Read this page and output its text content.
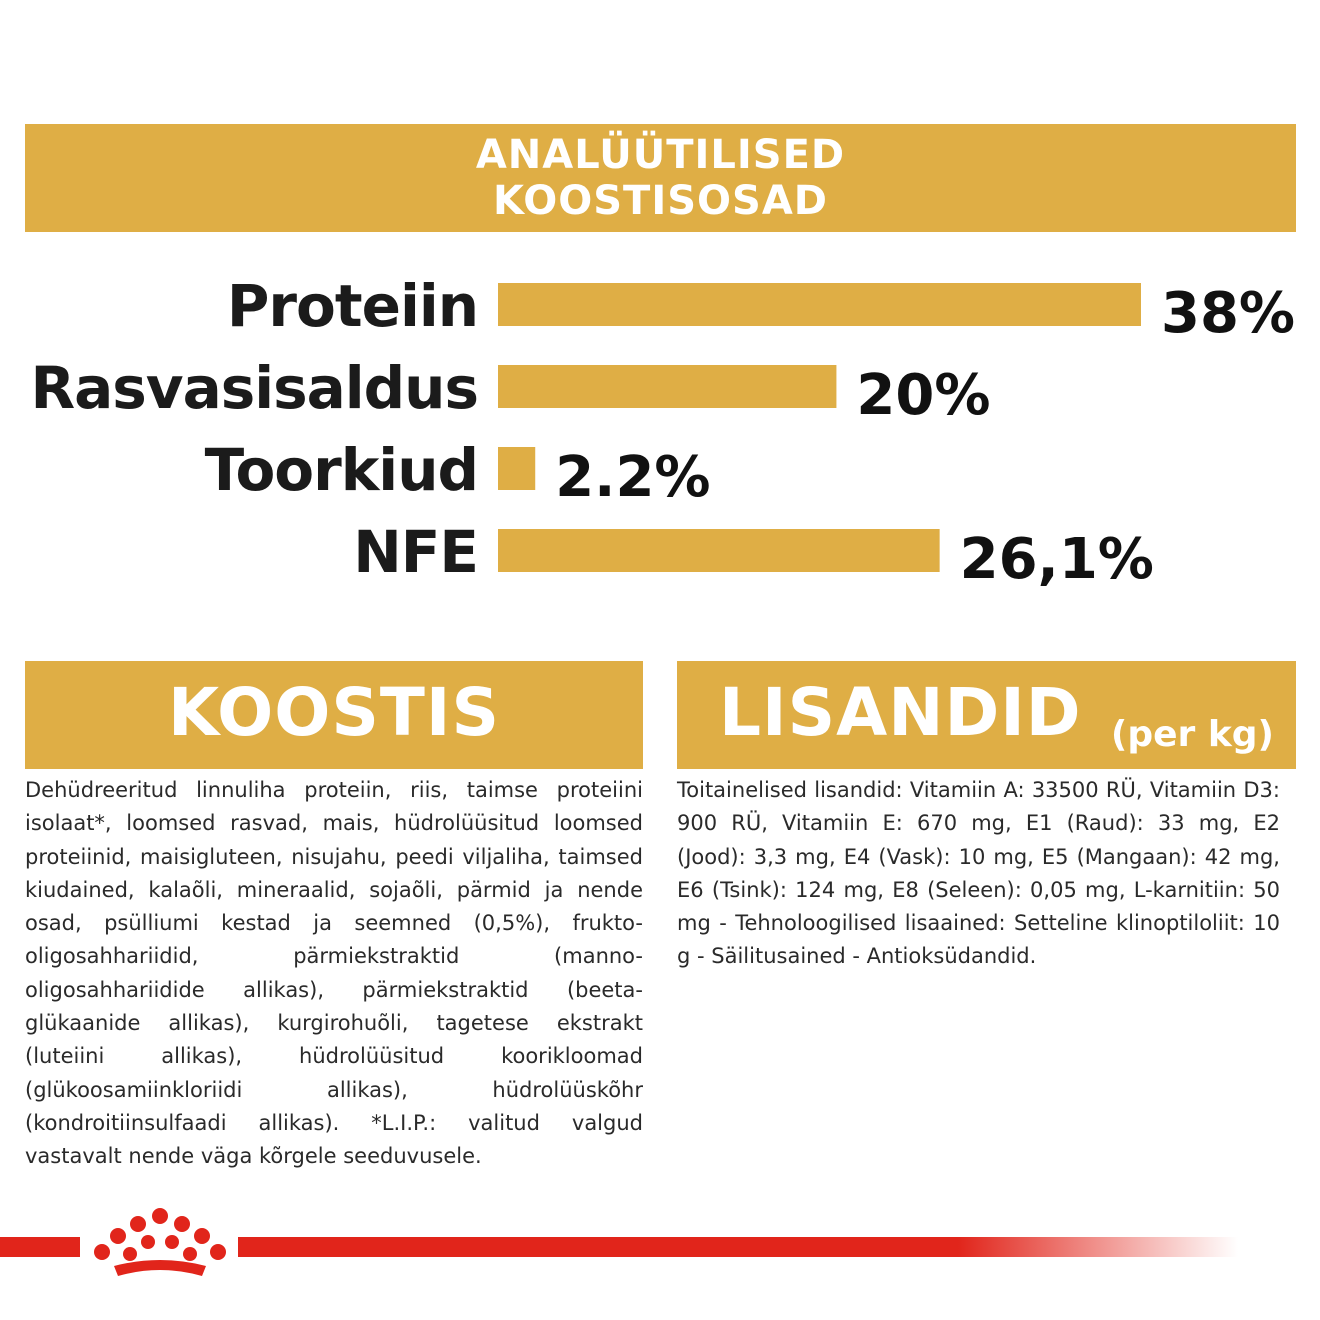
ANALÜÜTILISED
KOOSTISOSAD
38%
20%
2.2%
26,1%
Proteiin
Rasvasisaldus
Toorkiud
NFE
KOOSTIS

Dehüdreeritud linnuliha proteiin, riis, taimse proteiini isolaat*, loomsed rasvad, mais, hüdrolüüsitud loomsed proteiinid, maisigluteen, nisujahu, peedi viljaliha, taimsed kiudained, kalaõli, mineraalid, sojaõli, pärmid ja nende osad, psülliumi kestad ja seemned (0,5%), frukto-oligosahhariidid, pärmiekstraktid (manno-oligosahhariidide allikas), pärmiekstraktid (beeta-glükaanide allikas), kurgirohuõli, tagetese ekstrakt (luteiini allikas), hüdrolüüsitud koorikloomad (glükoosamiinkloriidi allikas), hüdrolüüskõhr (kondroitiinsulfaadi allikas). *L.I.P.: valitud valgud vastavalt nende väga kõrgele seeduvusele.

LISANDID (per kg)

Toitainelised lisandid: Vitamiin A: 33500 RÜ, Vitamiin D3: 900 RÜ, Vitamiin E: 670 mg, E1 (Raud): 33 mg, E2 (Jood): 3,3 mg, E4 (Vask): 10 mg, E5 (Mangaan): 42 mg, E6 (Tsink): 124 mg, E8 (Seleen): 0,05 mg, L-karnitiin: 50 mg - Tehnoloogilised lisaained: Setteline klinoptiloliit: 10 g - Säilitusained - Antioksüdandid.
